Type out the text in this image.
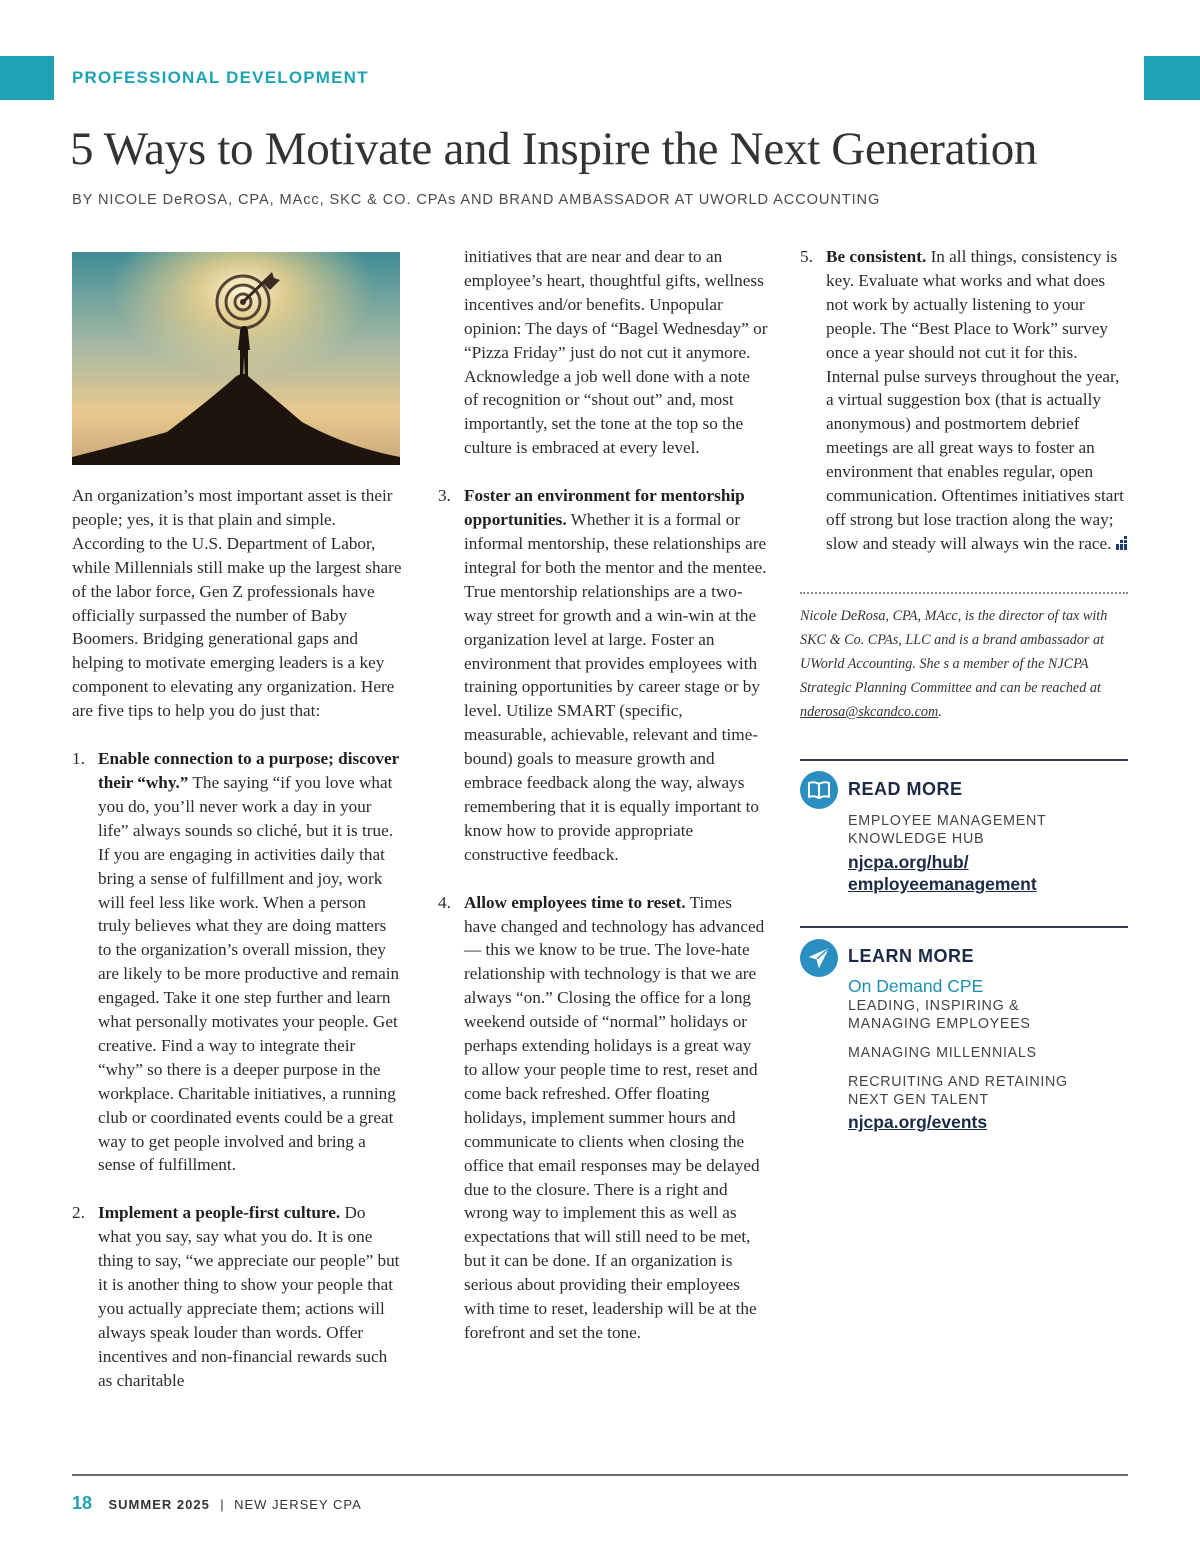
PROFESSIONAL DEVELOPMENT

5 Ways to Motivate and Inspire the Next Generation

BY NICOLE DeROSA, CPA, MAcc, SKC & CO. CPAs AND BRAND AMBASSADOR AT UWORLD ACCOUNTING

An organization’s most important asset is their people; yes, it is that plain and simple. According to the U.S. Department of Labor, while Millennials still make up the largest share of the labor force, Gen Z professionals have officially surpassed the number of Baby Boomers. Bridging generational gaps and helping to motivate emerging leaders is a key component to elevating any organization. Here are five tips to help you do just that:

1. Enable connection to a purpose; discover their “why.” The saying “if you love what you do, you’ll never work a day in your life” always sounds so cliché, but it is true. If you are engaging in activities daily that bring a sense of fulfillment and joy, work will feel less like work. When a person truly believes what they are doing matters to the organization’s overall mission, they are likely to be more productive and remain engaged. Take it one step further and learn what personally motivates your people. Get creative. Find a way to integrate their “why” so there is a deeper purpose in the workplace. Charitable initiatives, a running club or coordinated events could be a great way to get people involved and bring a sense of fulfillment.

2. Implement a people-first culture. Do what you say, say what you do. It is one thing to say, “we appreciate our people” but it is another thing to show your people that you actually appreciate them; actions will always speak louder than words. Offer incentives and non-financial rewards such as charitable

initiatives that are near and dear to an employee’s heart, thoughtful gifts, wellness incentives and/or benefits. Unpopular opinion: The days of “Bagel Wednesday” or “Pizza Friday” just do not cut it anymore. Acknowledge a job well done with a note of recognition or “shout out” and, most importantly, set the tone at the top so the culture is embraced at every level.

3. Foster an environment for mentorship opportunities. Whether it is a formal or informal mentorship, these relationships are integral for both the mentor and the mentee. True mentorship relationships are a two-way street for growth and a win-win at the organization level at large. Foster an environment that provides employees with training opportunities by career stage or by level. Utilize SMART (specific, measurable, achievable, relevant and time-bound) goals to measure growth and embrace feedback along the way, always remembering that it is equally important to know how to provide appropriate constructive feedback.

4. Allow employees time to reset. Times have changed and technology has advanced — this we know to be true. The love-hate relationship with technology is that we are always “on.” Closing the office for a long weekend outside of “normal” holidays or perhaps extending holidays is a great way to allow your people time to rest, reset and come back refreshed. Offer floating holidays, implement summer hours and communicate to clients when closing the office that email responses may be delayed due to the closure. There is a right and wrong way to implement this as well as expectations that will still need to be met, but it can be done. If an organization is serious about providing their employees with time to reset, leadership will be at the forefront and set the tone.

5. Be consistent. In all things, consistency is key. Evaluate what works and what does not work by actually listening to your people. The “Best Place to Work” survey once a year should not cut it for this. Internal pulse surveys throughout the year, a virtual suggestion box (that is actually anonymous) and postmortem debrief meetings are all great ways to foster an environment that enables regular, open communication. Oftentimes initiatives start off strong but lose traction along the way; slow and steady will always win the race.

Nicole DeRosa, CPA, MAcc, is the director of tax with SKC & Co. CPAs, LLC and is a brand ambassador at UWorld Accounting. She s a member of the NJCPA Strategic Planning Committee and can be reached at nderosa@skcandco.com.

READ MORE

EMPLOYEE MANAGEMENT KNOWLEDGE HUB

njcpa.org/hub/
employeemanagement

LEARN MORE

On Demand CPE

LEADING, INSPIRING & MANAGING EMPLOYEES

MANAGING MILLENNIALS

RECRUITING AND RETAINING NEXT GEN TALENT

njcpa.org/events

18 SUMMER 2025 | NEW JERSEY CPA
